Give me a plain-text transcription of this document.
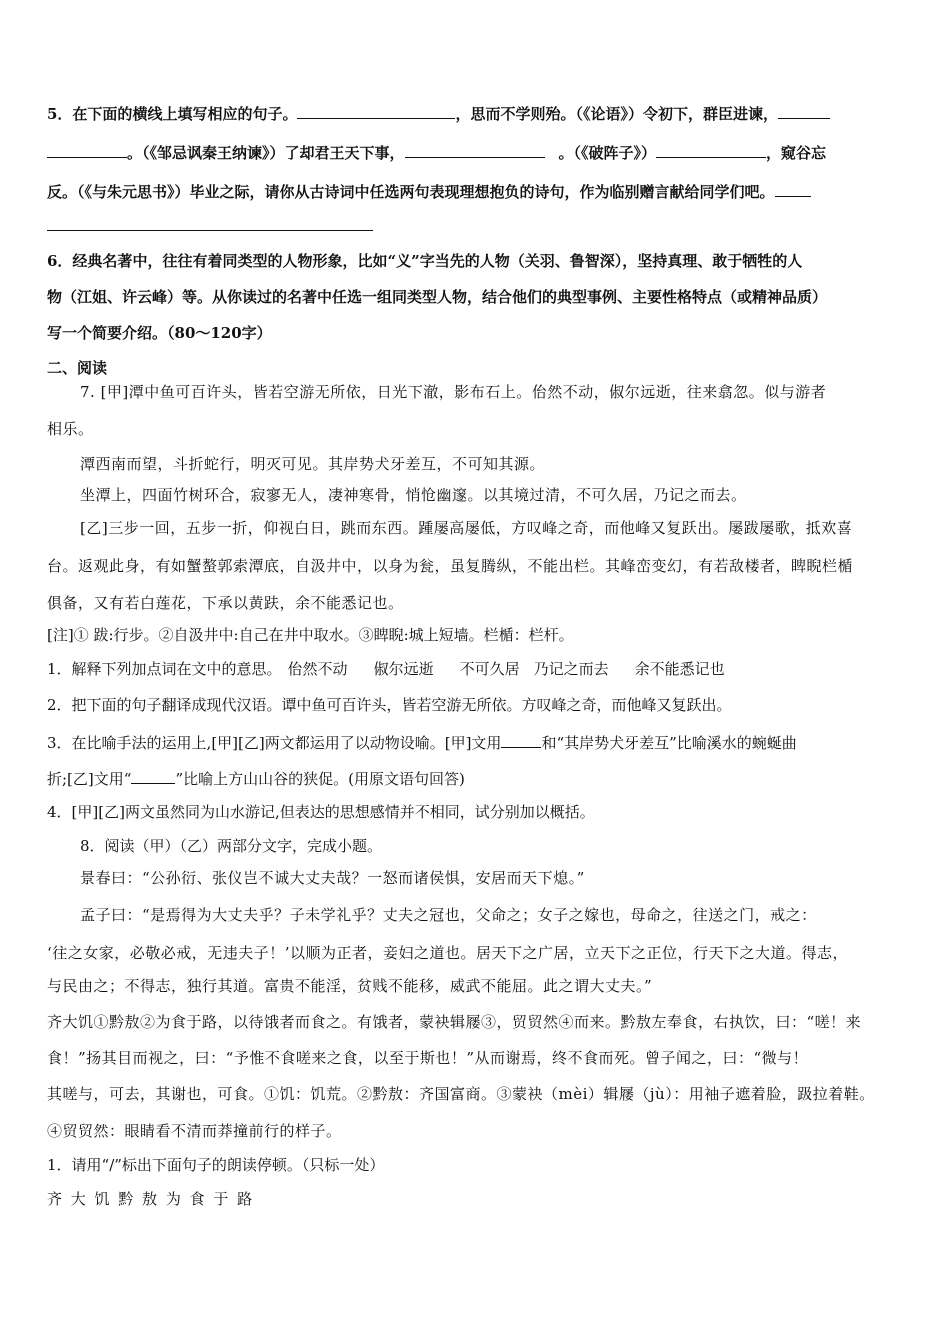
5．在下面的横线上填写相应的句子。	，思而不学则殆。（《论语》）令初下，群臣进谏，
。（《邹忌讽秦王纳谏》）了却君王天下事，	。（《破阵子》）	，窥谷忘
反。（《与朱元思书》）毕业之际，请你从古诗词中任选两句表现理想抱负的诗句，作为临别赠言献给同学们吧。
6．经典名著中，往往有着同类型的人物形象，比如“义”字当先的人物（关羽、鲁智深），坚持真理、敢于牺牲的人
物（江姐、许云峰）等。从你读过的名著中任选一组同类型人物，结合他们的典型事例、主要性格特点（或精神品质）
写一个简要介绍。（80～120字）
二、阅读
7. [甲]潭中鱼可百许头，皆若空游无所依，日光下澈，影布石上。佁然不动，俶尔远逝，往来翕忽。似与游者
相乐。
潭西南而望，斗折蛇行，明灭可见。其岸势犬牙差互，不可知其源。
坐潭上，四面竹树环合，寂寥无人，凄神寒骨，悄怆幽邃。以其境过清，不可久居，乃记之而去。
[乙]三步一回，五步一折，仰视白日，跳而东西。踵屡高屡低，方叹峰之奇，而他峰又复跃出。屡跋屡歌，抵欢喜
台。返观此身，有如蟹螯郭索潭底，自汲井中，以身为瓮，虽复腾纵，不能出栏。其峰峦变幻，有若敌楼者，睥睨栏楯
俱备，又有若白莲花，下承以黄趺，余不能悉记也。
[注]① 跋:行步。②自汲井中:自己在井中取水。③睥睨:城上短墙。栏楯：栏杆。
1．解释下列加点词在文中的意思。 佁然不动 俶尔远逝 不可久居 乃记之而去 余不能悉记也
2．把下面的句子翻译成现代汉语。谭中鱼可百许头，皆若空游无所依。方叹峰之奇，而他峰又复跃出。
3．在比喻手法的运用上,[甲][乙]两文都运用了以动物设喻。[甲]文用	和“其岸势犬牙差互”比喻溪水的蜿蜒曲
折;[乙]文用“	”比喻上方山山谷的狭促。(用原文语句回答)
4．[甲][乙]两文虽然同为山水游记,但表达的思想感情并不相同，试分别加以概括。
8．阅读（甲）（乙）两部分文字，完成小题。
景春曰：“公孙衍、张仪岂不诚大丈夫哉？一怒而诸侯惧，安居而天下熄。”
孟子曰：“是焉得为大丈夫乎？子未学礼乎？丈夫之冠也，父命之；女子之嫁也，母命之，往送之门，戒之：
‘往之女家，必敬必戒，无违夫子！’以顺为正者，妾妇之道也。居天下之广居，立天下之正位，行天下之大道。得志，
与民由之；不得志，独行其道。富贵不能淫，贫贱不能移，威武不能屈。此之谓大丈夫。”
齐大饥①黔敖②为食于路，以待饿者而食之。有饿者，蒙袂辑屦③，贸贸然④而来。黔敖左奉食，右执饮，曰：“嗟！来
食！”扬其目而视之，曰：“予惟不食嗟来之食，以至于斯也！”从而谢焉，终不食而死。曾子闻之，曰：“微与！
其嗟与，可去，其谢也，可食。①饥：饥荒。②黔敖：齐国富商。③蒙袂（mèi）辑屦（jù）：用袖子遮着脸，趿拉着鞋。
④贸贸然：眼睛看不清而莽撞前行的样子。
1．请用“/”标出下面句子的朗读停顿。（只标一处）
齐 大 饥 黔 敖 为 食 于 路
